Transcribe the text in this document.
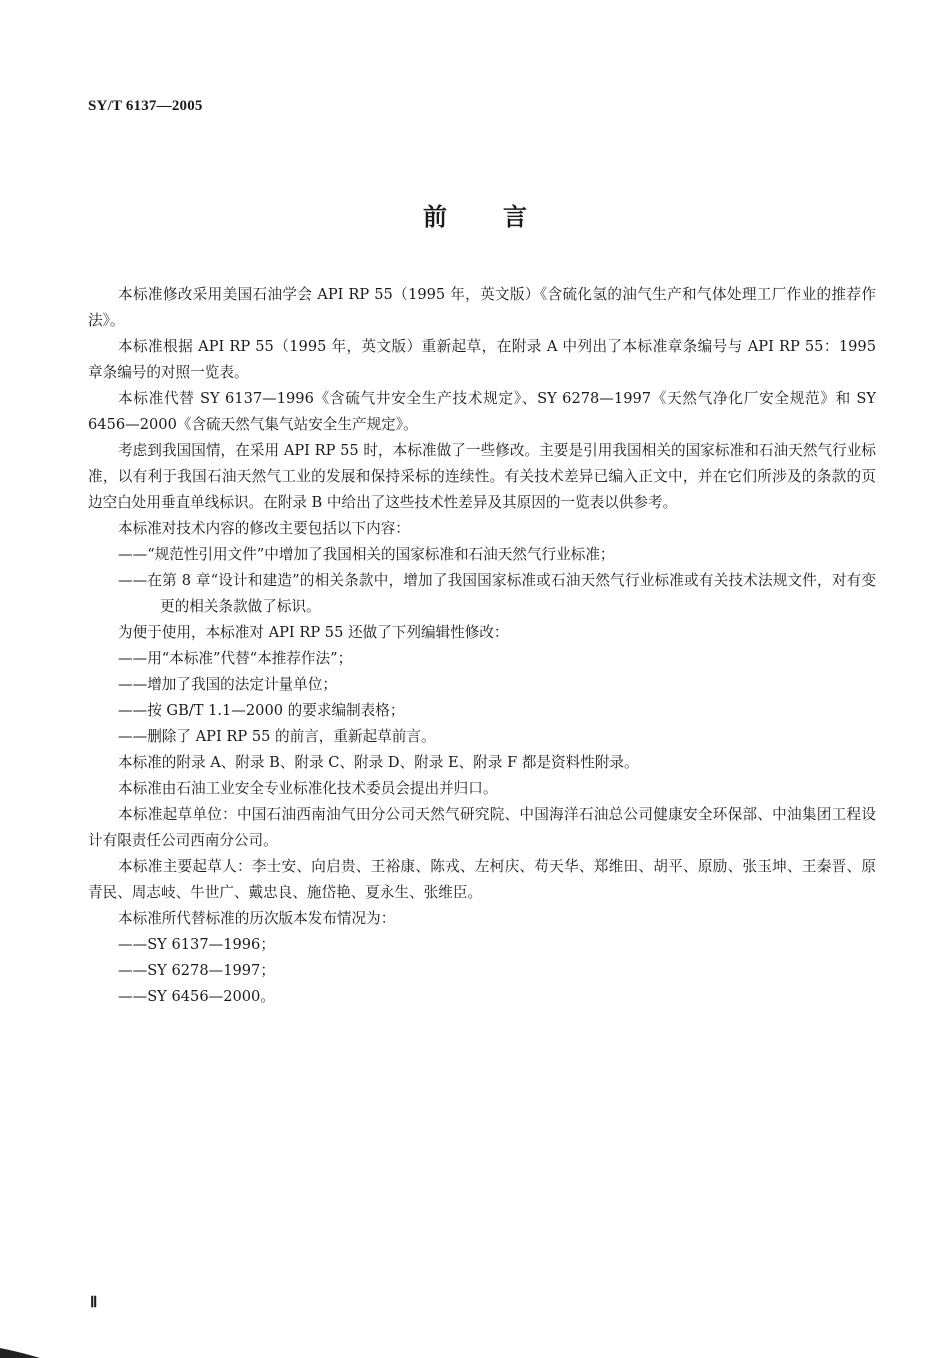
SY/T 6137—2005
前 言

本标准修改采用美国石油学会 API RP 55（1995 年，英文版）《含硫化氢的油气生产和气体处理工厂作业的推荐作法》。

本标准根据 API RP 55（1995 年，英文版）重新起草，在附录 A 中列出了本标准章条编号与 API RP 55：1995 章条编号的对照一览表。

本标准代替 SY 6137—1996《含硫气井安全生产技术规定》、SY 6278—1997《天然气净化厂安全规范》和 SY 6456—2000《含硫天然气集气站安全生产规定》。

考虑到我国国情，在采用 API RP 55 时，本标准做了一些修改。主要是引用我国相关的国家标准和石油天然气行业标准，以有利于我国石油天然气工业的发展和保持采标的连续性。有关技术差异已编入正文中，并在它们所涉及的条款的页边空白处用垂直单线标识。在附录 B 中给出了这些技术性差异及其原因的一览表以供参考。

本标准对技术内容的修改主要包括以下内容：

——“规范性引用文件”中增加了我国相关的国家标准和石油天然气行业标准；

——在第 8 章“设计和建造”的相关条款中，增加了我国国家标准或石油天然气行业标准或有关技术法规文件，对有变更的相关条款做了标识。

为便于使用，本标准对 API RP 55 还做了下列编辑性修改：

——用“本标准”代替“本推荐作法”；

——增加了我国的法定计量单位；

——按 GB/T 1.1—2000 的要求编制表格；

——删除了 API RP 55 的前言，重新起草前言。

本标准的附录 A、附录 B、附录 C、附录 D、附录 E、附录 F 都是资料性附录。

本标准由石油工业安全专业标准化技术委员会提出并归口。

本标准起草单位：中国石油西南油气田分公司天然气研究院、中国海洋石油总公司健康安全环保部、中油集团工程设计有限责任公司西南分公司。

本标准主要起草人：李士安、向启贵、王裕康、陈戎、左柯庆、苟天华、郑维田、胡平、原励、张玉坤、王秦晋、原青民、周志岐、牛世广、戴忠良、施岱艳、夏永生、张维臣。

本标准所代替标准的历次版本发布情况为：

——SY 6137—1996；

——SY 6278—1997；

——SY 6456—2000。

Ⅱ
